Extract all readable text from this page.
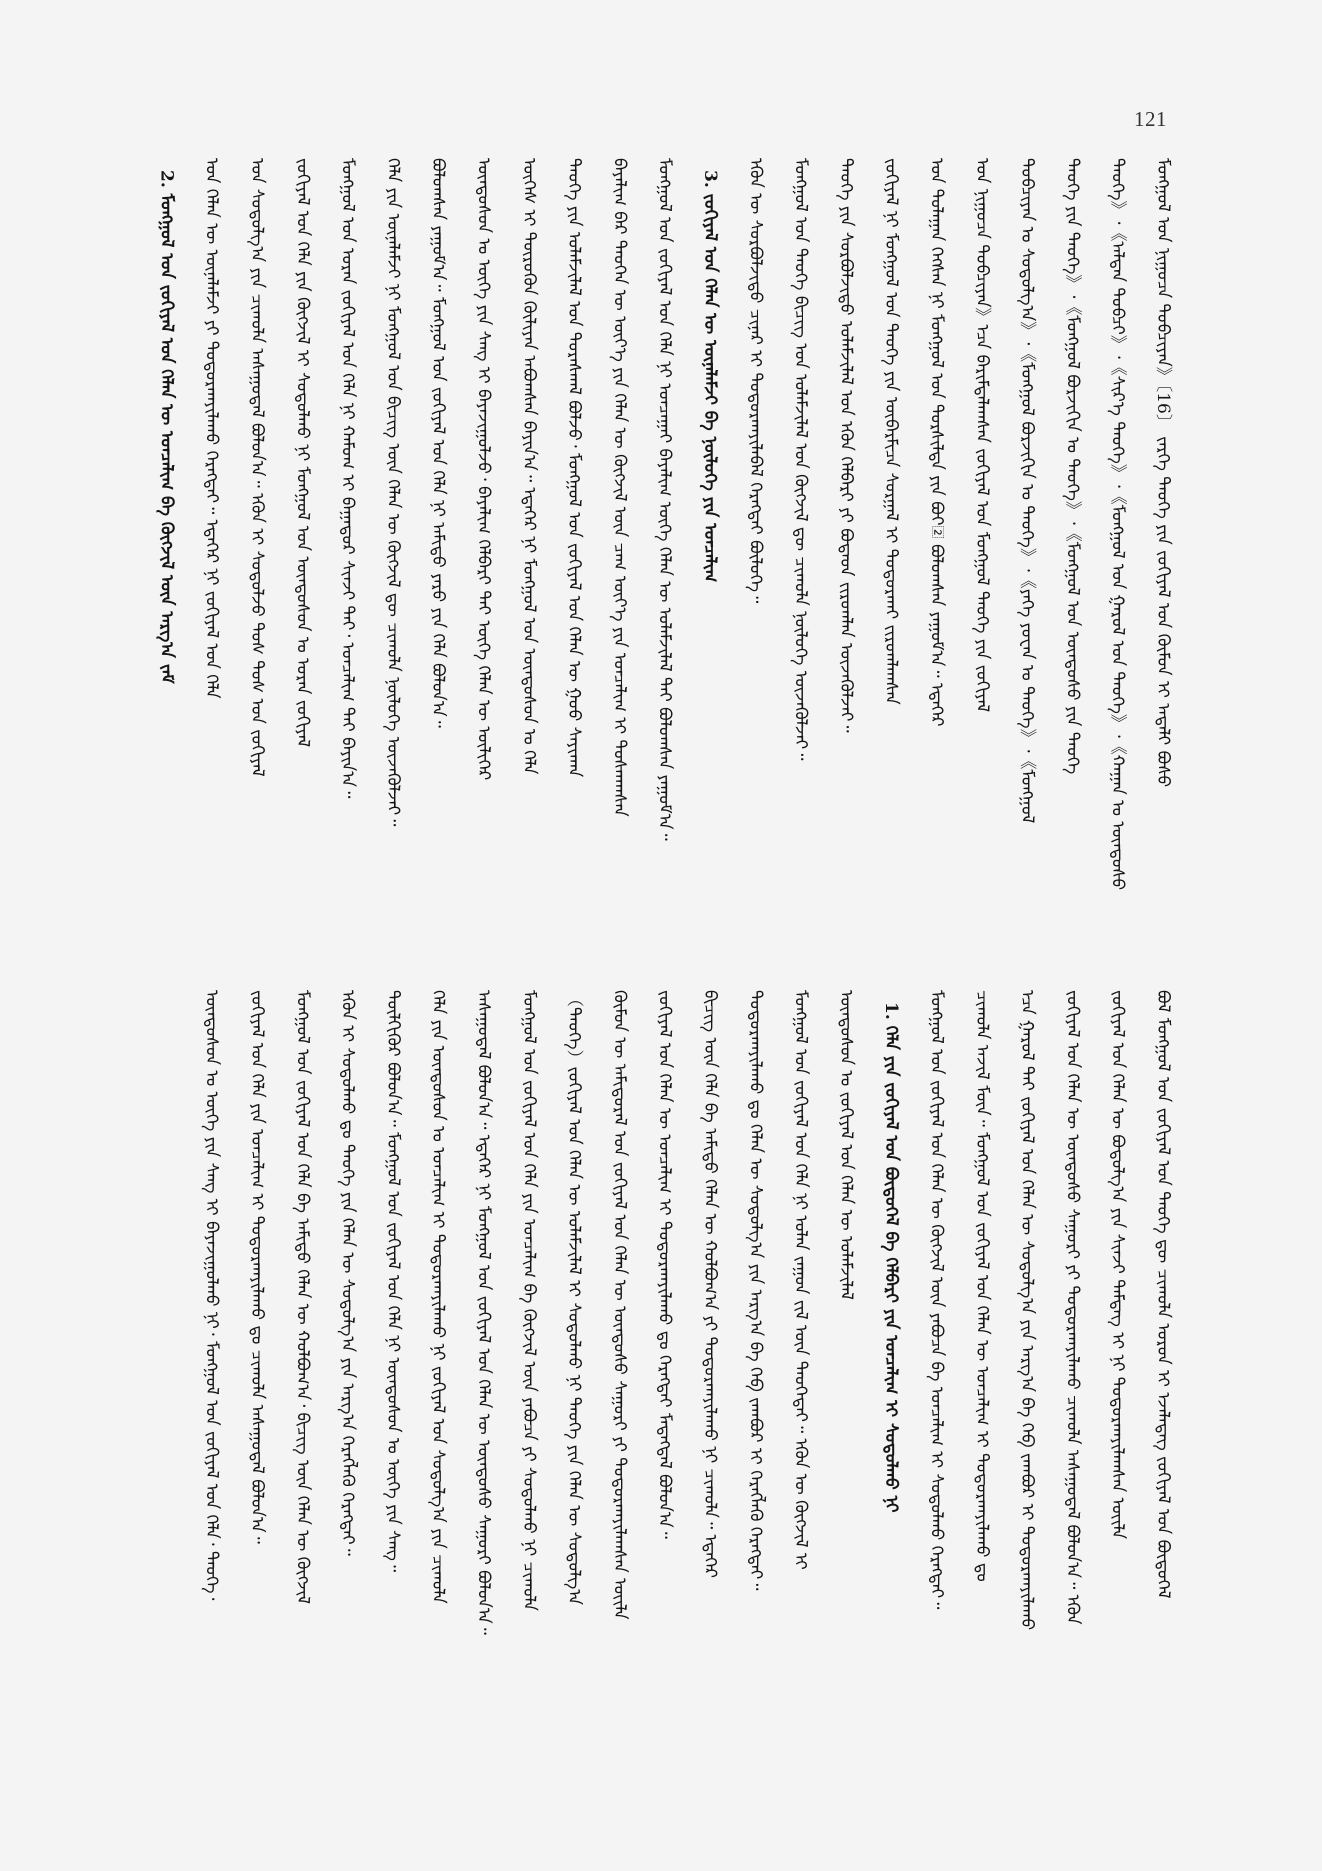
121
ᠮᠣᠩᠭᠣᠯ ᠤᠨ ᠨᠢᠭᠤᠴᠠ ᠲᠣᠪᠴᠢᠶᠠᠨ》〔16〕 ᠵᠡᠷᠭᠡ ᠲᠡᠦᠬᠡ ᠶᠢᠨ ᠵᠣᠬᠢᠶᠠᠯ ᠤᠨ ᠬᠦᠮᠦᠨ ᠢ ᠠᠳᠠᠯᠢ ᠪᠤᠰᠤ
ᠲᠡᠦᠬᠡ》᠂《ᠠᠯᠲᠠᠨ ᠲᠣᠪᠴᠢ》᠂《ᠰᠢᠷ᠎ᠡ ᠲᠡᠦᠬᠡ》᠂《ᠮᠣᠩᠭᠣᠯ ᠤᠨ ᠭᠠᠷᠤᠯ ᠤᠨ ᠲᠡᠦᠬᠡ》᠂《ᠬᠠᠭᠠᠨ ᠤ ᠦᠨᠳᠦᠰᠦ
ᠲᠡᠦᠬᠡ ᠶᠢᠨ ᠲᠡᠦᠬᠡ》᠂《ᠮᠣᠩᠭᠣᠯ ᠪᠣᠷᠵᠢᠭᠢᠨ ᠤ ᠲᠡᠦᠬᠡ》᠂《ᠮᠣᠩᠭᠣᠯ ᠤᠨ ᠦᠨᠳᠦᠰᠦ ᠶᠢᠨ ᠲᠡᠦᠬᠡ
ᠲᠣᠪᠴᠢᠶᠠᠨ ᠤ ᠰᠤᠳᠤᠯᠭ᠎ᠠ》᠂《ᠮᠣᠩᠭᠣᠯ ᠪᠣᠷᠵᠢᠭᠢᠨ ᠤ ᠲᠡᠦᠬᠡ》᠂《ᠶᠡᠬᠡ ᠶᠤᠸᠠᠨ ᠤ ᠲᠡᠦᠬᠡ》᠂《ᠮᠣᠩᠭᠣᠯ
ᠤᠨ ᠨᠢᠭᠤᠴᠠ ᠲᠣᠪᠴᠢᠶᠠᠨ》ᠡᠴᠡ ᠪᠠᠷᠢᠮᠲᠠᠯᠠᠭᠰᠠᠨ ᠵᠣᠬᠢᠶᠠᠯ ᠤᠨ ᠮᠣᠩᠭᠣᠯ ᠲᠡᠦᠬᠡ ᠶᠢᠨ ᠵᠣᠬᠢᠶᠠᠯ
ᠤᠨ ᠲᠤᠯᠠᠭᠠᠨ ᠬᠡᠭᠰᠡᠨ ᠨᠢ ᠮᠣᠩᠭᠣᠯ ᠤᠨ ᠲᠤᠷᠰᠢᠯᠲᠠ ᠶᠢᠨ ᠪᠤᠢ᠌ ᠪᠣᠯᠤᠭᠰᠠᠨ ᠶᠠᠭᠤᠮ᠎ᠠ᠃ ᠡᠳᠡᠭᠡᠷ
ᠵᠣᠬᠢᠶᠠᠯ ᠨᠢ ᠮᠣᠩᠭᠣᠯ ᠤᠨ ᠲᠡᠦᠬᠡ ᠶᠢᠨ ᠦᠪᠡᠷᠮᠢᠴᠡ ᠰᠤᠷᠭᠠᠯ ᠢ ᠲᠣᠳᠣᠷᠬᠠᠶ ᠵᠢᠷᠤᠭᠯᠠᠭᠰᠠᠨ
ᠲᠡᠦᠬᠡ ᠶᠢᠨ ᠰᠤᠷᠪᠤᠯᠵᠢᠲᠤ ᠤᠯᠠᠮᠵᠢᠯᠠᠯ ᠤᠨ ᠡᠭᠦᠨ ᠬᠡᠯᠪᠡᠷᠢ ᠶᠢ ᠪᠣᠳᠠᠳ ᠵᠢᠷᠤᠭᠯᠠᠨ ᠦᠵᠡᠭᠦᠯᠵᠡᠢ᠃
ᠮᠣᠩᠭᠣᠯ ᠤᠨ ᠲᠡᠦᠬᠡ ᠪᠢᠴᠢᠭ ᠤᠨ ᠤᠯᠠᠮᠵᠢᠯᠠᠯ ᠤᠨ ᠬᠥᠭᠵᠢᠯ ᠳᠦ ᠴᠢᠬᠤᠯᠠ ᠨᠥᠯᠦᠭᠡ ᠦᠵᠡᠭᠦᠯᠵᠡᠢ᠃
ᠡᠭᠦᠨ ᠦ ᠰᠤᠷᠪᠤᠯᠵᠢᠲᠤ ᠴᠢᠨᠠᠷ ᠢ ᠲᠣᠳᠣᠷᠬᠠᠶᠢᠯᠠᠪᠠᠯ ᠬᠡᠷᠡᠭᠲᠡᠶ ᠪᠦᠯᠦᠭᠡ᠃
3. ᠵᠣᠬᠢᠶᠠᠯ ᠤᠨ ᠬᠡᠯᠡᠨ ᠦ ᠦᠨᠡᠯᠡᠮᠵᠢ ᠪᠠ ᠨᠥᠯᠦᠭᠡ ᠶᠢᠨ ᠣᠨᠴᠠᠯᠢᠭ
ᠮᠣᠩᠭᠣᠯ ᠤᠨ ᠵᠣᠬᠢᠶᠠᠯ ᠤᠨ ᠬᠡᠯᠡ ᠨᠢ ᠣᠨᠴᠠᠭᠠᠢ ᠪᠠᠶᠠᠯᠢᠭ ᠦᠭᠡ ᠬᠡᠯᠡᠨ ᠦ ᠤᠯᠠᠮᠵᠢᠯᠠᠯ ᠲᠠᠢ ᠪᠣᠯᠤᠭᠰᠠᠨ ᠶᠠᠭᠤᠮ᠎ᠠ᠃
ᠪᠠᠶᠠᠯᠢᠭ ᠪᠡᠷ ᠲᠡᠦᠬᠡᠨ ᠦ ᠦᠶ᠎ᠡ ᠶᠢᠨ ᠬᠡᠯᠡᠨ ᠦ ᠬᠥᠭᠵᠢᠯ ᠦᠨ ᠴᠠᠭ ᠦᠶ᠎ᠡ ᠶᠢᠨ ᠣᠨᠴᠠᠯᠢᠭ ᠢ ᠲᠤᠰᠬᠠᠭᠰᠠᠨ
ᠲᠡᠦᠬᠡ ᠶᠢᠨ ᠤᠯᠠᠮᠵᠢᠯᠠᠯ ᠤᠨ ᠳᠤᠷᠠᠰᠬᠠᠯ ᠪᠣᠯᠵᠤ᠂ ᠮᠣᠩᠭᠣᠯ ᠤᠨ ᠵᠣᠬᠢᠶᠠᠯ ᠤᠨ ᠬᠡᠯᠡᠨ ᠦ ᠭᠣᠣ ᠰᠠᠶᠢᠬᠠᠨ
ᠦᠭᠡᠰ ᠢ ᠲᠦᠷᠦᠭᠦᠨ ᠬᠦᠯᠢᠶᠡᠨ ᠠᠪᠤᠭᠰᠠᠨ ᠪᠠᠶᠢᠨ᠎ᠠ᠃ ᠡᠳᠡᠭᠡᠷ ᠨᠢ ᠮᠣᠩᠭᠣᠯ ᠤᠨ ᠦᠨᠳᠦᠰᠦᠨ ᠤ ᠬᠡᠯᠡ
ᠦᠨᠳᠦᠰᠦᠨ ᠤ ᠦᠭᠡ ᠶᠢᠨ ᠰᠠᠩ ᠢ ᠪᠠᠶᠠᠵᠢᠭᠤᠯᠵᠤ᠂ ᠪᠠᠶᠠᠯᠢᠭ ᠬᠡᠯᠪᠡᠷᠢ ᠲᠠᠢ ᠦᠭᠡ ᠬᠡᠯᠡᠨ ᠦ ᠦᠯᠢᠭᠡᠷ
ᠪᠣᠯᠤᠭᠰᠠᠨ ᠶᠠᠭᠤᠮ᠎ᠠ᠃ ᠮᠣᠩᠭᠣᠯ ᠤᠨ ᠵᠣᠬᠢᠶᠠᠯ ᠤᠨ ᠬᠡᠯᠡ ᠨᠢ ᠠᠮᠢᠳᠤ ᠶᠡᠷᠦ ᠶᠢᠨ ᠬᠡᠯᠡ ᠪᠣᠯᠤᠨ᠎ᠠ᠃
ᠬᠡᠯᠡ ᠶᠢᠨ ᠦᠨᠡᠯᠡᠮᠵᠢ ᠨᠢ ᠮᠣᠩᠭᠣᠯ ᠤᠨ ᠪᠢᠴᠢᠭ ᠦᠨ ᠬᠡᠯᠡᠨ ᠦ ᠬᠥᠭᠵᠢᠯ ᠳᠦ ᠴᠢᠬᠤᠯᠠ ᠨᠥᠯᠦᠭᠡ ᠦᠵᠡᠭᠦᠯᠵᠡᠢ᠃
ᠮᠣᠩᠭᠣᠯ ᠤᠨ ᠤᠷᠠᠨ ᠵᠣᠬᠢᠶᠠᠯ ᠤᠨ ᠬᠡᠯᠡ ᠨᠢ ᠬᠠᠮᠤᠭ ᠢ ᠪᠠᠭᠠᠳᠤᠷ ᠰᠢᠨᠵᠢ ᠲᠠᠢ᠂ ᠣᠨᠴᠠᠯᠢᠭ ᠲᠠᠢ ᠪᠠᠶᠢᠨ᠎ᠠ᠃
ᠵᠣᠬᠢᠶᠠᠯ ᠤᠨ ᠬᠡᠯᠡ ᠶᠢᠨ ᠬᠥᠭᠵᠢᠯ ᠢ ᠰᠤᠳᠤᠯᠬᠤ ᠨᠢ ᠮᠣᠩᠭᠣᠯ ᠤᠨ ᠦᠨᠳᠦᠰᠦᠨ ᠤ ᠤᠷᠠᠨ ᠵᠣᠬᠢᠶᠠᠯ
ᠤᠨ ᠰᠤᠳᠤᠯᠭ᠎ᠠ ᠶᠢᠨ ᠴᠢᠬᠤᠯᠠ ᠠᠰᠠᠭᠤᠳᠠᠯ ᠪᠣᠯᠤᠨ᠎ᠠ᠃ ᠡᠭᠦᠨ ᠢ ᠰᠤᠳᠤᠯᠵᠤ ᠲᠤᠰ ᠲᠤᠰ ᠤᠨ ᠵᠣᠬᠢᠶᠠᠯ
ᠤᠨ ᠬᠡᠯᠡᠨ ᠦ ᠦᠨᠡᠯᠡᠮᠵᠢ ᠶᠢ ᠲᠣᠳᠣᠷᠬᠠᠶᠢᠯᠠᠬᠤ ᠬᠡᠷᠡᠭᠲᠡᠶ᠃ ᠡᠳᠡᠭᠡᠷ ᠨᠢ ᠵᠣᠬᠢᠶᠠᠯ ᠤᠨ ᠬᠡᠯᠡ
2. ᠮᠣᠩᠭᠣᠯ ᠤᠨ ᠵᠣᠬᠢᠶᠠᠯ ᠤᠨ ᠬᠡᠯᠡᠨ ᠦ ᠣᠨᠴᠠᠯᠢᠭ ᠪᠠ ᠬᠥᠭᠵᠢᠯ ᠦᠨ ᠠᠷᠭ᠎ᠠ ᠵᠠᠮ
ᠪᠣᠯ ᠮᠣᠩᠭᠣᠯ ᠤᠨ ᠵᠣᠬᠢᠶᠠᠯ ᠤᠨ ᠲᠡᠦᠬᠡ ᠳᠦ ᠴᠢᠬᠤᠯᠠ ᠣᠷᠤᠨ ᠢ ᠡᠵᠡᠯᠡᠳᠡᠭ ᠵᠣᠬᠢᠶᠠᠯ ᠤᠨ ᠪᠦᠲᠦᠭᠡᠯ
ᠵᠣᠬᠢᠶᠠᠯ ᠤᠨ ᠬᠡᠯᠡᠨ ᠦ ᠪᠣᠳᠤᠯᠭ᠎ᠠ ᠶᠢᠨ ᠰᠢᠨᠵᠢ ᠲᠡᠮᠳᠡᠭ ᠢ ᠨᠢ ᠲᠣᠳᠣᠷᠬᠠᠶᠢᠯᠠᠭᠰᠠᠨ ᠦᠢᠯᠡ
ᠵᠣᠬᠢᠶᠠᠯ ᠤᠨ ᠬᠡᠯᠡᠨ ᠦ ᠦᠨᠳᠦᠰᠦ ᠰᠠᠭᠤᠷᠢ ᠶᠢ ᠲᠣᠳᠣᠷᠬᠠᠶᠢᠯᠠᠬᠤ ᠴᠢᠬᠤᠯᠠ ᠠᠰᠠᠭᠤᠳᠠᠯ ᠪᠣᠯᠤᠨ᠎ᠠ᠃ ᠡᠭᠦᠨ
ᠡᠴᠡ ᠭᠠᠷᠤᠯ ᠲᠠᠢ ᠵᠣᠬᠢᠶᠠᠯ ᠤᠨ ᠬᠡᠯᠡᠨ ᠦ ᠰᠤᠳᠤᠯᠭ᠎ᠠ ᠶᠢᠨ ᠠᠷᠭ᠎ᠠ ᠪᠠ ᠬᠡᠪ ᠵᠠᠭᠪᠤᠷ ᠢ ᠲᠣᠳᠣᠷᠬᠠᠶᠢᠯᠠᠬᠤ
ᠴᠢᠬᠤᠯᠠ ᠠᠵᠢᠯ ᠮᠥᠨ᠃ ᠮᠣᠩᠭᠣᠯ ᠤᠨ ᠵᠣᠬᠢᠶᠠᠯ ᠤᠨ ᠬᠡᠯᠡᠨ ᠦ ᠣᠨᠴᠠᠯᠢᠭ ᠢ ᠲᠣᠳᠣᠷᠬᠠᠶᠢᠯᠠᠬᠤ ᠳᠤ
ᠮᠣᠩᠭᠣᠯ ᠤᠨ ᠵᠣᠬᠢᠶᠠᠯ ᠤᠨ ᠬᠡᠯᠡᠨ ᠦ ᠬᠥᠭᠵᠢᠯ ᠦᠨ ᠶᠠᠪᠤᠴᠠ ᠪᠠ ᠣᠨᠴᠠᠯᠢᠭ ᠢ ᠰᠤᠳᠤᠯᠬᠤ ᠬᠡᠷᠡᠭᠲᠡᠶ᠃
1. ᠬᠡᠯᠡ ᠶᠢᠨ ᠵᠣᠬᠢᠶᠠᠯ ᠤᠨ ᠪᠦᠲᠦᠭᠡᠯ ᠪᠠ ᠬᠡᠯᠪᠡᠷᠢ ᠶᠢᠨ ᠣᠨᠴᠠᠯᠢᠭ ᠢ ᠰᠤᠳᠤᠯᠬᠤ ᠨᠢ
ᠦᠨᠳᠦᠰᠦᠨ ᠤ ᠵᠣᠬᠢᠶᠠᠯ ᠤᠨ ᠬᠡᠯᠡᠨ ᠦ ᠤᠯᠠᠮᠵᠢᠯᠠᠯ
ᠮᠣᠩᠭᠣᠯ ᠤᠨ ᠵᠣᠬᠢᠶᠠᠯ ᠤᠨ ᠬᠡᠯᠡ ᠨᠢ ᠣᠯᠠᠨ ᠵᠠᠭᠤᠨ ᠵᠢᠯ ᠦᠨ ᠲᠡᠦᠬᠡᠲᠡᠢ᠃ ᠡᠭᠦᠨ ᠦ ᠬᠥᠭᠵᠢᠯ ᠢ
ᠲᠣᠳᠣᠷᠬᠠᠶᠢᠯᠠᠬᠤ ᠳᠤ ᠬᠡᠯᠡᠨ ᠦ ᠰᠤᠳᠤᠯᠭ᠎ᠠ ᠶᠢᠨ ᠠᠷᠭ᠎ᠠ ᠪᠠ ᠬᠡᠪ ᠵᠠᠭᠪᠤᠷ ᠢ ᠬᠡᠷᠡᠭᠯᠡᠬᠦ ᠬᠡᠷᠡᠭᠲᠡᠶ᠃
ᠪᠢᠴᠢᠭ ᠦᠨ ᠬᠡᠯᠡ ᠪᠠ ᠠᠮᠢᠳᠤ ᠬᠡᠯᠡᠨ ᠦ ᠬᠣᠯᠪᠣᠭ᠎ᠠ ᠶᠢ ᠲᠣᠳᠣᠷᠬᠠᠶᠢᠯᠠᠬᠤ ᠨᠢ ᠴᠢᠬᠤᠯᠠ᠃ ᠡᠳᠡᠭᠡᠷ
ᠵᠣᠬᠢᠶᠠᠯ ᠤᠨ ᠬᠡᠯᠡᠨ ᠦ ᠣᠨᠴᠠᠯᠢᠭ ᠢ ᠲᠣᠳᠣᠷᠬᠠᠶᠢᠯᠠᠬᠤ ᠳᠤ ᠬᠡᠷᠡᠭᠲᠡᠶ ᠮᠡᠳᠡᠭᠳᠡᠯ ᠪᠣᠯᠤᠨ᠎ᠠ᠃
ᠬᠦᠮᠦᠨ ᠦ ᠠᠮᠢᠳᠤᠷᠠᠯ ᠤᠨ ᠵᠣᠬᠢᠶᠠᠯ ᠤᠨ ᠬᠡᠯᠡᠨ ᠦ ᠦᠨᠳᠦᠰᠦ ᠰᠠᠭᠤᠷᠢ ᠶᠢ ᠲᠣᠳᠣᠷᠬᠠᠶᠢᠯᠠᠭᠰᠠᠨ ᠦᠢᠯᠡ
（ᠲᠡᠦᠬᠡ）ᠵᠣᠬᠢᠶᠠᠯ ᠤᠨ ᠬᠡᠯᠡᠨ ᠦ ᠤᠯᠠᠮᠵᠢᠯᠠᠯ ᠢ ᠰᠤᠳᠤᠯᠬᠤ ᠨᠢ ᠲᠡᠦᠬᠡ ᠶᠢᠨ ᠬᠡᠯᠡᠨ ᠦ ᠰᠤᠳᠤᠯᠭ᠎ᠠ
ᠮᠣᠩᠭᠣᠯ ᠤᠨ ᠵᠣᠬᠢᠶᠠᠯ ᠤᠨ ᠬᠡᠯᠡ ᠶᠢᠨ ᠣᠨᠴᠠᠯᠢᠭ ᠪᠠ ᠬᠥᠭᠵᠢᠯ ᠦᠨ ᠶᠠᠪᠤᠴᠠ ᠶᠢ ᠰᠤᠳᠤᠯᠬᠤ ᠨᠢ ᠴᠢᠬᠤᠯᠠ
ᠠᠰᠠᠭᠤᠳᠠᠯ ᠪᠣᠯᠤᠨ᠎ᠠ᠃ ᠡᠳᠡᠭᠡᠷ ᠨᠢ ᠮᠣᠩᠭᠣᠯ ᠤᠨ ᠵᠣᠬᠢᠶᠠᠯ ᠤᠨ ᠬᠡᠯᠡᠨ ᠦ ᠦᠨᠳᠦᠰᠦ ᠰᠠᠭᠤᠷᠢ ᠪᠣᠯᠤᠨ᠎ᠠ᠃
ᠬᠡᠯᠡ ᠶᠢᠨ ᠦᠨᠳᠦᠰᠦᠨ ᠤ ᠣᠨᠴᠠᠯᠢᠭ ᠢ ᠲᠣᠳᠣᠷᠬᠠᠶᠢᠯᠠᠬᠤ ᠨᠢ ᠵᠣᠬᠢᠶᠠᠯ ᠤᠨ ᠰᠤᠳᠤᠯᠭ᠎ᠠ ᠶᠢᠨ ᠴᠢᠬᠤᠯᠠ
ᠲᠦᠯᠬᠢᠭᠦᠷ ᠪᠣᠯᠤᠨ᠎ᠠ᠃ ᠮᠣᠩᠭᠣᠯ ᠤᠨ ᠵᠣᠬᠢᠶᠠᠯ ᠤᠨ ᠬᠡᠯᠡ ᠨᠢ ᠦᠨᠳᠦᠰᠦᠨ ᠤ ᠦᠭᠡ ᠶᠢᠨ ᠰᠠᠩ᠃
ᠡᠭᠦᠨ ᠢ ᠰᠤᠳᠤᠯᠬᠤ ᠳᠤ ᠲᠡᠦᠬᠡ ᠶᠢᠨ ᠬᠡᠯᠡᠨ ᠦ ᠰᠤᠳᠤᠯᠭ᠎ᠠ ᠶᠢᠨ ᠠᠷᠭ᠎ᠠ ᠬᠡᠷᠡᠭᠯᠡᠬᠦ ᠬᠡᠷᠡᠭᠲᠡᠶ᠃
ᠮᠣᠩᠭᠣᠯ ᠤᠨ ᠵᠣᠬᠢᠶᠠᠯ ᠤᠨ ᠬᠡᠯᠡ ᠪᠠ ᠠᠮᠢᠳᠤ ᠬᠡᠯᠡᠨ ᠦ ᠬᠣᠯᠪᠣᠭ᠎ᠠ᠂ ᠪᠢᠴᠢᠭ ᠦᠨ ᠬᠡᠯᠡᠨ ᠦ ᠬᠥᠭᠵᠢᠯ
ᠵᠣᠬᠢᠶᠠᠯ ᠤᠨ ᠬᠡᠯᠡ ᠶᠢᠨ ᠣᠨᠴᠠᠯᠢᠭ ᠢ ᠲᠣᠳᠣᠷᠬᠠᠶᠢᠯᠠᠬᠤ ᠳᠤ ᠴᠢᠬᠤᠯᠠ ᠠᠰᠠᠭᠤᠳᠠᠯ ᠪᠣᠯᠤᠨ᠎ᠠ᠃
ᠦᠨᠳᠦᠰᠦᠨ ᠤ ᠦᠭᠡ ᠶᠢᠨ ᠰᠠᠩ ᠢ ᠪᠠᠶᠠᠵᠢᠭᠤᠯᠬᠤ ᠨᠢ᠂ ᠮᠣᠩᠭᠣᠯ ᠤᠨ ᠵᠣᠬᠢᠶᠠᠯ ᠤᠨ ᠬᠡᠯᠡ᠂ ᠲᠡᠦᠬᠡ᠂
